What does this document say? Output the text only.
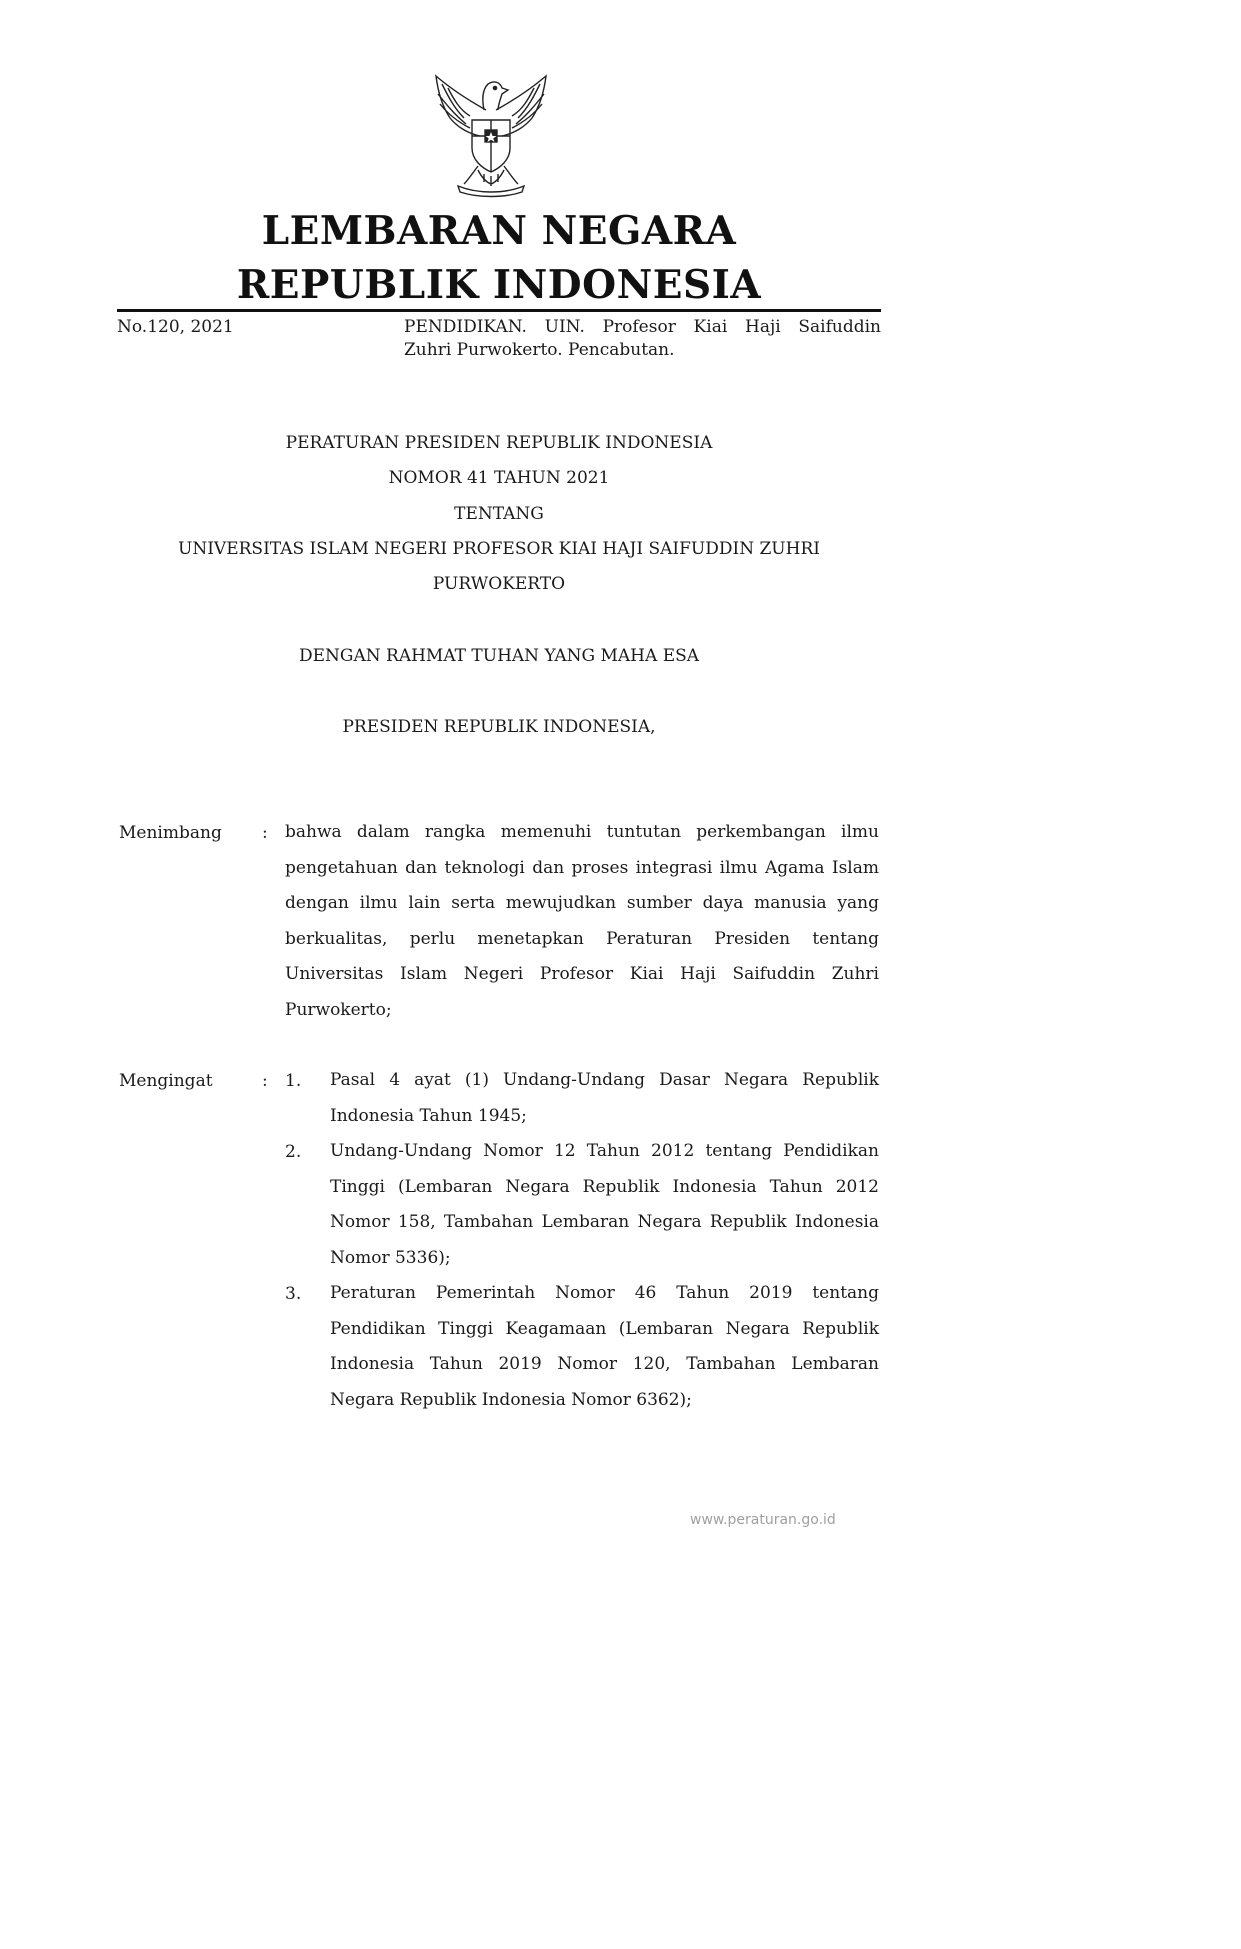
LEMBARAN NEGARA
REPUBLIK INDONESIA
No.120, 2021	PENDIDIKAN. UIN. Profesor Kiai Haji Saifuddin
Zuhri Purwokerto. Pencabutan.
PERATURAN PRESIDEN REPUBLIK INDONESIA
NOMOR 41 TAHUN 2021
TENTANG
UNIVERSITAS ISLAM NEGERI PROFESOR KIAI HAJI SAIFUDDIN ZUHRI
PURWOKERTO
DENGAN RAHMAT TUHAN YANG MAHA ESA
PRESIDEN REPUBLIK INDONESIA,
Menimbang : bahwa dalam rangka memenuhi tuntutan perkembangan ilmu pengetahuan dan teknologi dan proses integrasi ilmu Agama Islam dengan ilmu lain serta mewujudkan sumber daya manusia yang berkualitas, perlu menetapkan Peraturan Presiden tentang Universitas Islam Negeri Profesor Kiai Haji Saifuddin Zuhri Purwokerto;
Mengingat	: 1. Pasal 4 ayat (1) Undang-Undang Dasar Negara Republik Indonesia Tahun 1945;
2. Undang-Undang Nomor 12 Tahun 2012 tentang Pendidikan Tinggi (Lembaran Negara Republik Indonesia Tahun 2012 Nomor 158, Tambahan Lembaran Negara Republik Indonesia Nomor 5336);
3. Peraturan Pemerintah Nomor 46 Tahun 2019 tentang Pendidikan Tinggi Keagamaan (Lembaran Negara Republik Indonesia Tahun 2019 Nomor 120, Tambahan Lembaran Negara Republik Indonesia Nomor 6362);
www.peraturan.go.id
